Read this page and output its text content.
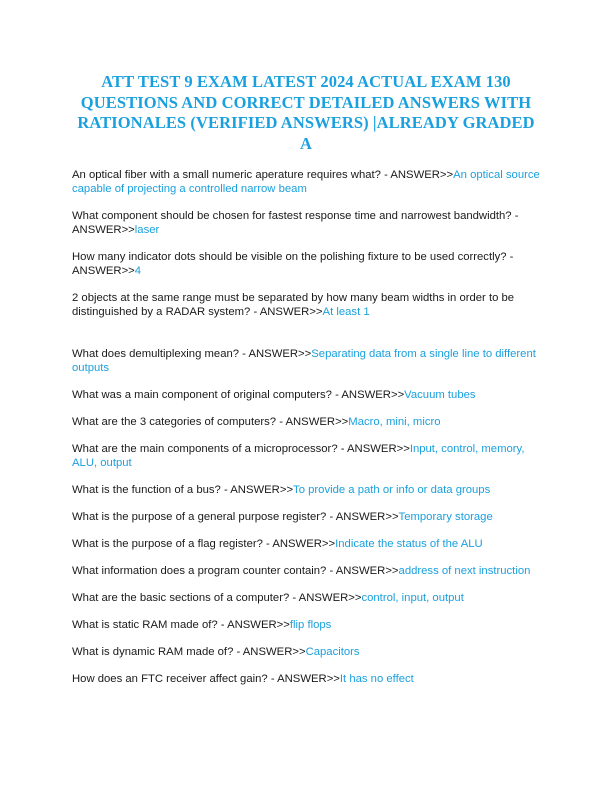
ATT TEST 9 EXAM LATEST 2024 ACTUAL EXAM 130 QUESTIONS AND CORRECT DETAILED ANSWERS WITH RATIONALES (VERIFIED ANSWERS) |ALREADY GRADED A
An optical fiber with a small numeric aperature requires what? - ANSWER>>An optical source capable of projecting a controlled narrow beam
What component should be chosen for fastest response time and narrowest bandwidth? - ANSWER>>laser
How many indicator dots should be visible on the polishing fixture to be used correctly? - ANSWER>>4
2 objects at the same range must be separated by how many beam widths in order to be distinguished by a RADAR system? - ANSWER>>At least 1
What does demultiplexing mean? - ANSWER>>Separating data from a single line to different outputs
What was a main component of original computers? - ANSWER>>Vacuum tubes
What are the 3 categories of computers? - ANSWER>>Macro, mini, micro
What are the main components of a microprocessor? - ANSWER>>Input, control, memory, ALU, output
What is the function of a bus? - ANSWER>>To provide a path or info or data groups
What is the purpose of a general purpose register? - ANSWER>>Temporary storage
What is the purpose of a flag register? - ANSWER>>Indicate the status of the ALU
What information does a program counter contain? - ANSWER>>address of next instruction
What are the basic sections of a computer? - ANSWER>>control, input, output
What is static RAM made of? - ANSWER>>flip flops
What is dynamic RAM made of? - ANSWER>>Capacitors
How does an FTC receiver affect gain? - ANSWER>>It has no effect
